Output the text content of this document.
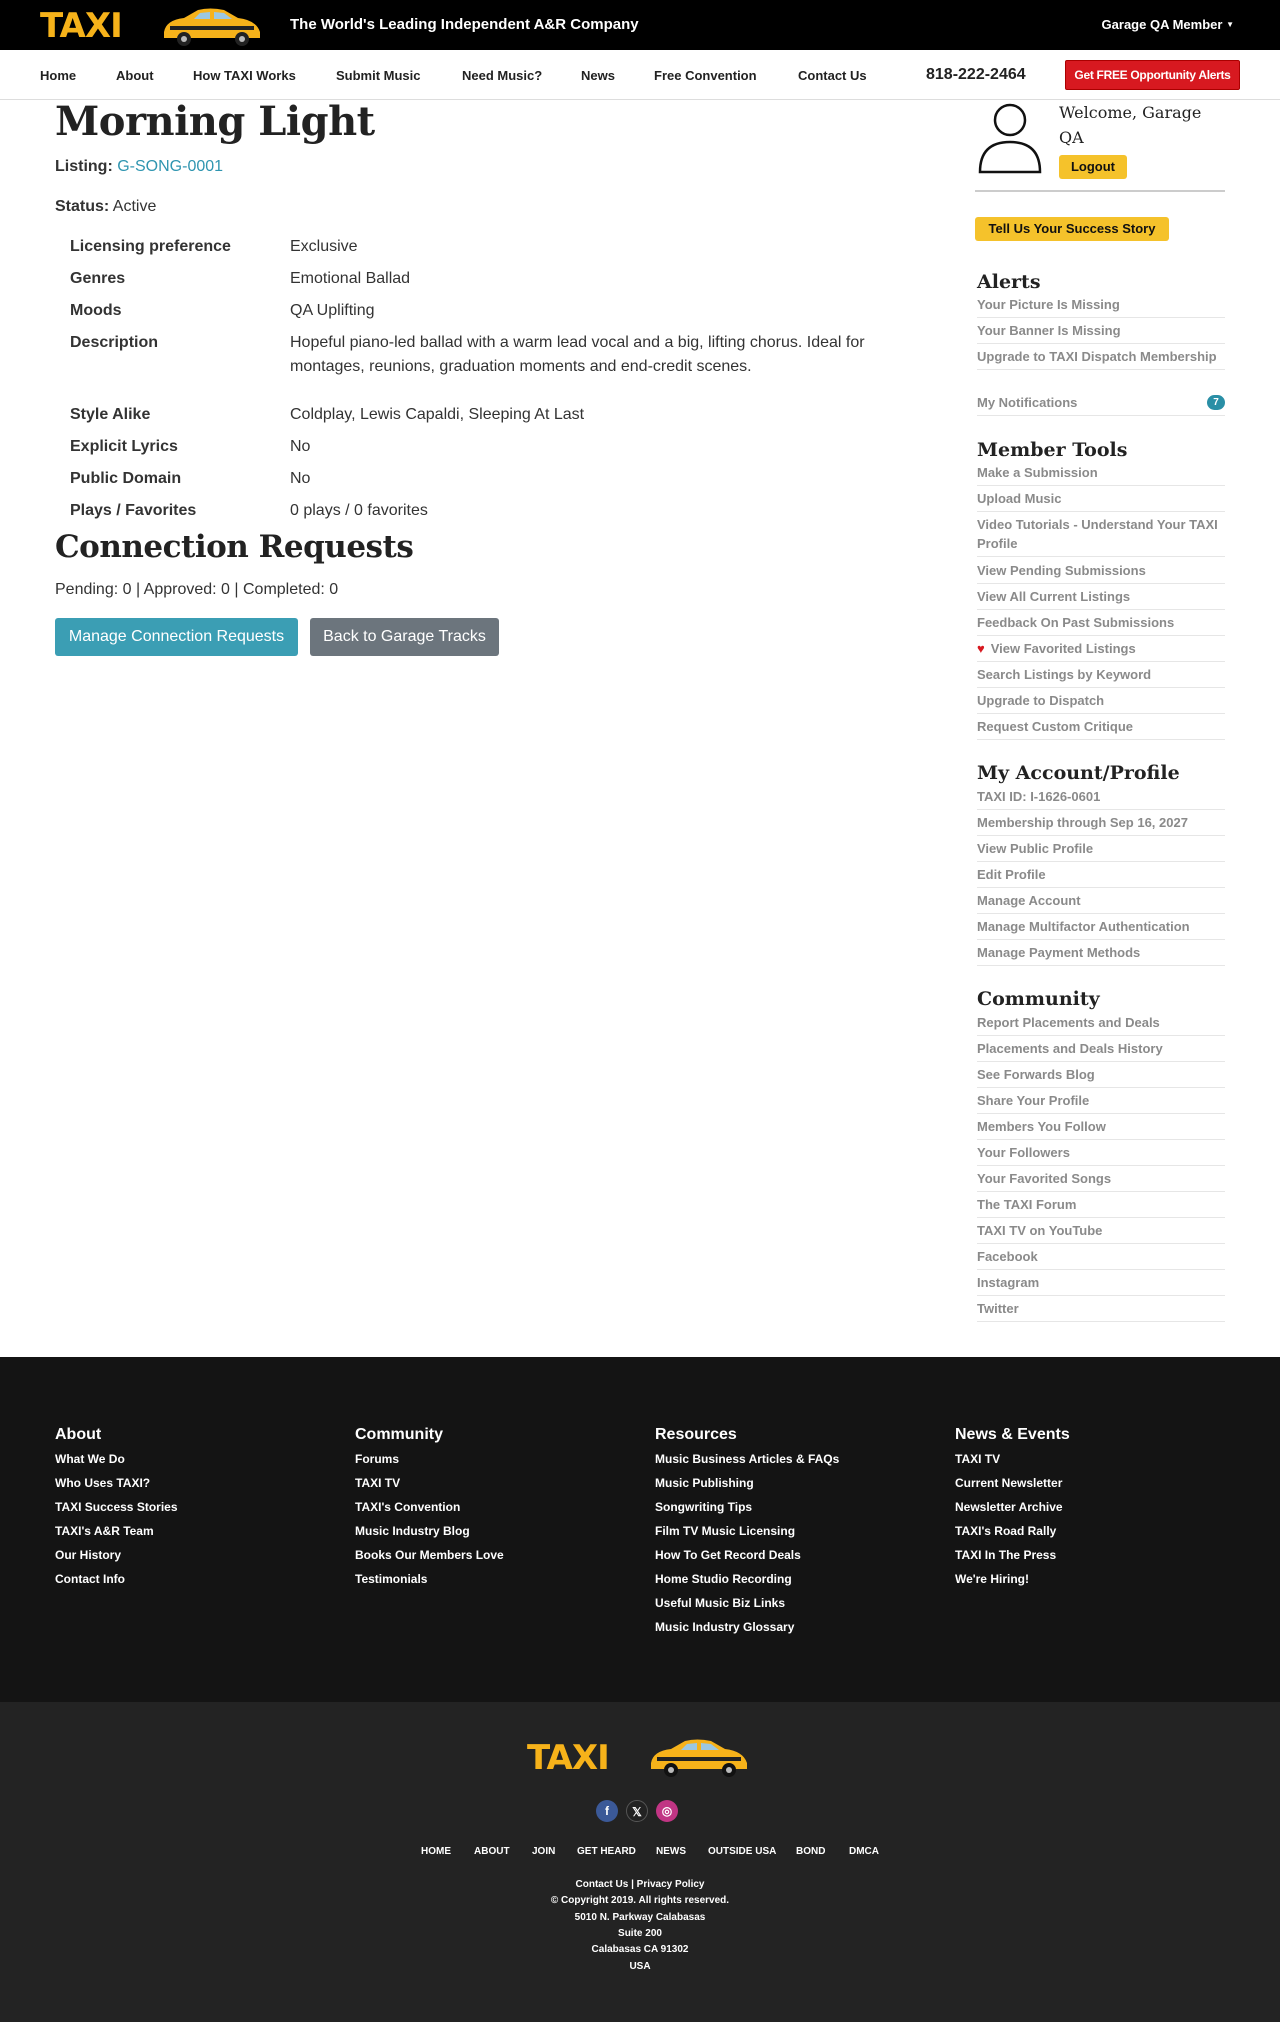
TAXI	The World's Leading Independent A&R Company	Garage QA Member ▼
Home	About	How TAXI Works	Submit Music	Need Music?	News	Free Convention	Contact Us	818-222-2464	Get FREE Opportunity Alerts
Morning Light
Listing: G-SONG-0001
Status: Active
Licensing preference	Exclusive
Genres	Emotional Ballad
Moods	QA Uplifting
Description	Hopeful piano-led ballad with a warm lead vocal and a big, lifting chorus. Ideal for montages, reunions, graduation moments and end-credit scenes.
Style Alike	Coldplay, Lewis Capaldi, Sleeping At Last
Explicit Lyrics	No
Public Domain	No
Plays / Favorites	0 plays / 0 favorites
Connection Requests
Pending: 0 | Approved: 0 | Completed: 0
Manage Connection Requests	Back to Garage Tracks
Welcome, Garage QA
Logout
Tell Us Your Success Story
Alerts
Your Picture Is Missing
Your Banner Is Missing
Upgrade to TAXI Dispatch Membership
My Notifications	7
Member Tools
Make a Submission
Upload Music
Video Tutorials - Understand Your TAXI Profile
View Pending Submissions
View All Current Listings
Feedback On Past Submissions
♥ View Favorited Listings
Search Listings by Keyword
Upgrade to Dispatch
Request Custom Critique
My Account/Profile
TAXI ID: I-1626-0601
Membership through Sep 16, 2027
View Public Profile
Edit Profile
Manage Account
Manage Multifactor Authentication
Manage Payment Methods
Community
Report Placements and Deals
Placements and Deals History
See Forwards Blog
Share Your Profile
Members You Follow
Your Followers
Your Favorited Songs
The TAXI Forum
TAXI TV on YouTube
Facebook
Instagram
Twitter
About
What We Do
Who Uses TAXI?
TAXI Success Stories
TAXI's A&R Team
Our History
Contact Info
Community
Forums
TAXI TV
TAXI's Convention
Music Industry Blog
Books Our Members Love
Testimonials
Resources
Music Business Articles & FAQs
Music Publishing
Songwriting Tips
Film TV Music Licensing
How To Get Record Deals
Home Studio Recording
Useful Music Biz Links
Music Industry Glossary
News & Events
TAXI TV
Current Newsletter
Newsletter Archive
TAXI's Road Rally
TAXI In The Press
We're Hiring!
TAXI
f	𝕏	◎
HOME ABOUT JOIN GET HEARD NEWS OUTSIDE USA BOND DMCA
Contact Us | Privacy Policy
© Copyright 2019. All rights reserved.
5010 N. Parkway Calabasas
Suite 200
Calabasas CA 91302
USA
